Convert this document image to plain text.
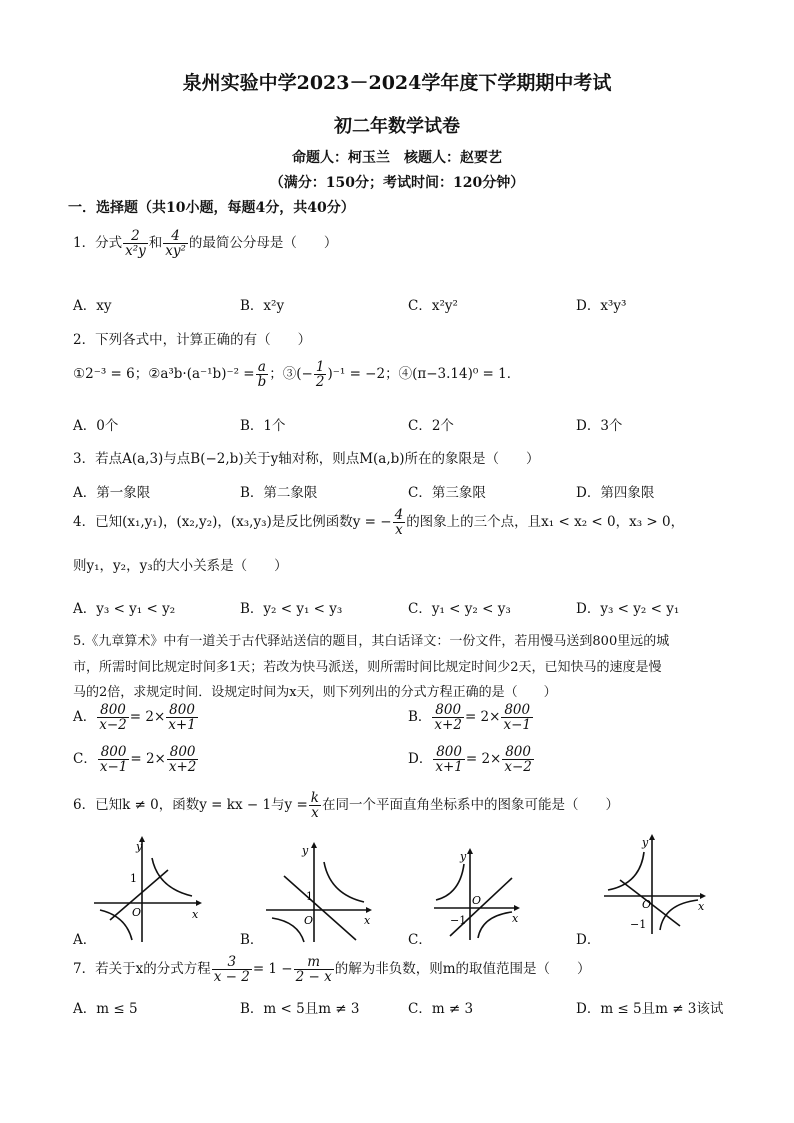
泉州实验中学2023－2024学年度下学期期中考试
初二年数学试卷
命题人：柯玉兰　核题人：赵要艺
（满分：150分；考试时间：120分钟）
一．选择题（共10小题，每题4分，共40分）
1．分式 $\frac{2}{\text{x²y}}$ 和 $\frac{4}{\text{xy²}}$ 的最简公分母是（　　）
A．xy	B．x²y	C．x²y²	D．x³y³
2．下列各式中，计算正确的有（　　）
①2⁻³ = 6；②a³b·(a⁻¹b)⁻² = $\frac{a}{b}$ ；③(− $\frac{1}{2} )^{-1} = -2$；④(π−3.14)⁰ = 1．
A．0个	B．1个	C．2个	D．3个
3．若点A(a,3)与点B(−2,b)关于y轴对称，则点M(a,b)所在的象限是（　　）
A．第一象限	B．第二象限	C．第三象限	D．第四象限
4．已知(x₁,y₁)，(x₂,y₂)，(x₃,y₃)是反比例函数y = − $\frac{4}{x}$ 的图象上的三个点，且x₁ < x₂ < 0，x₃ > 0，
则y₁，y₂，y₃的大小关系是（　　）
A．y₃ < y₁ < y₂	B．y₂ < y₁ < y₃	C．y₁ < y₂ < y₃	D．y₃ < y₂ < y₁
5.《九章算术》中有一道关于古代驿站送信的题目，其白话译文：一份文件，若用慢马送到800里远的城
市，所需时间比规定时间多1天；若改为快马派送，则所需时间比规定时间少2天，已知快马的速度是慢
马的2倍，求规定时间．设规定时间为x天，则下列列出的分式方程正确的是（　　）
A． $\frac{800}{x-2} = 2\times \frac{800}{x+1}$	B． $\frac{800}{x+2} = 2\times \frac{800}{x-1}$
C． $\frac{800}{x-1} = 2\times \frac{800}{x+2}$	D． $\frac{800}{x+1} = 2\times \frac{800}{x-2}$
6．已知k ≠ 0，函数y = kx − 1与$y = \frac{k}{x}$ 在同一个平面直角坐标系中的图象可能是（　　）
y
x
O
1
A．
y
x
O
1
B．
y
x
O
−1
C．
y
x
O
−1
D．
7．若关于x的分式方程 $\frac{3}{x - 2} = 1 - \frac{m}{2 - x}$ 的解为非负数，则m的取值范围是（　　）
A．m ≤ 5	B．m < 5且m ≠ 3	C．m ≠ 3	D．m ≤ 5且m ≠ 3该试
